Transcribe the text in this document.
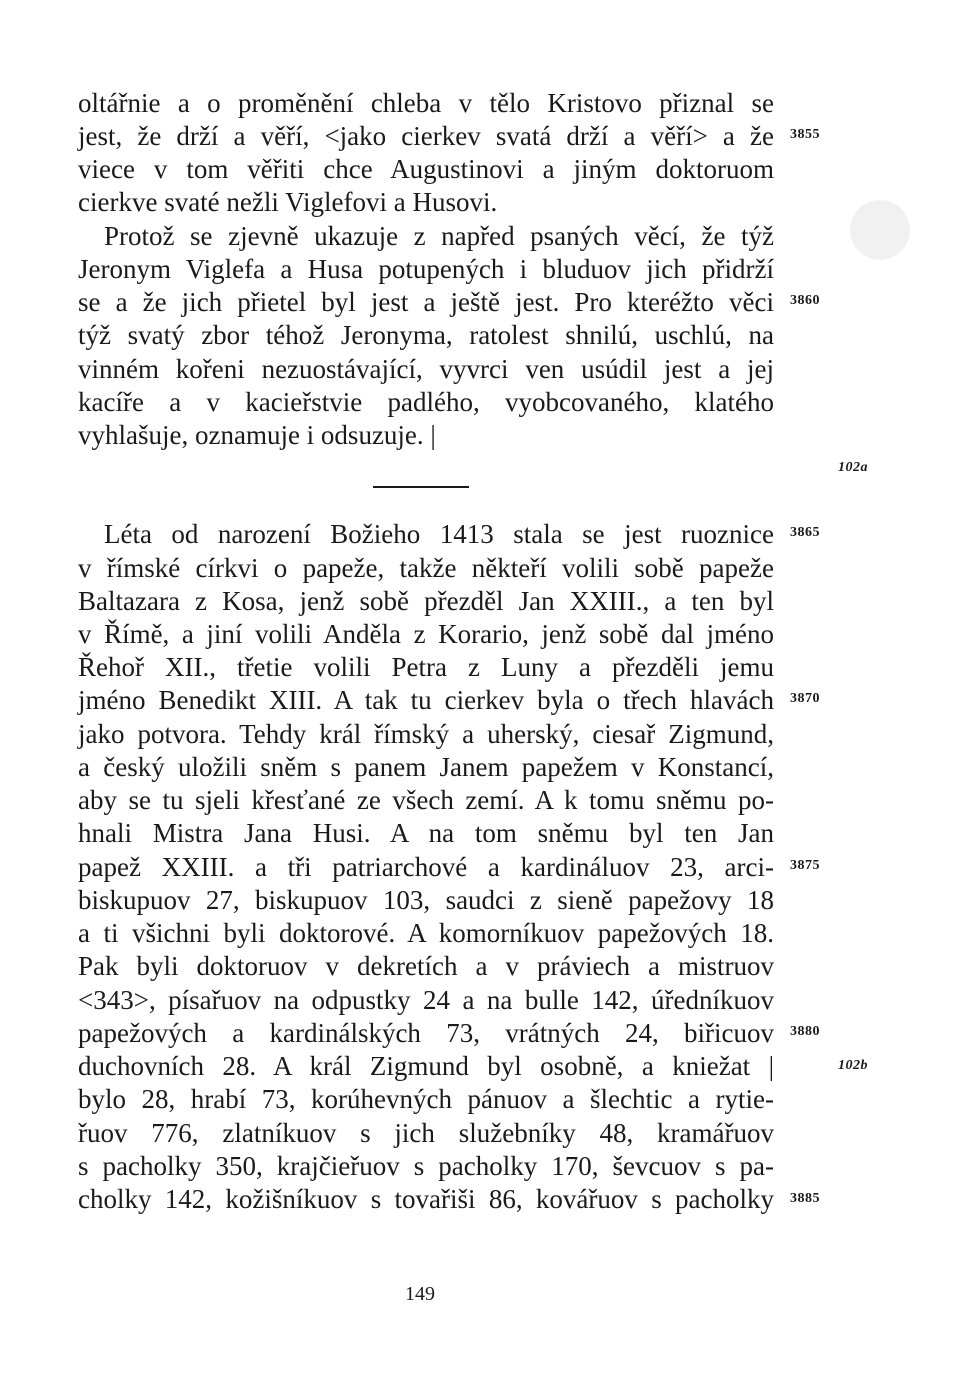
oltářnie a o proměnění chleba v tělo Kristovo přiznal se
jest, že drží a věří, <jako cierkev svatá drží a věří> a že
viece v tom věřiti chce Augustinovi a jiným doktoruom
cierkve svaté nežli Viglefovi a Husovi.
Protož se zjevně ukazuje z napřed psaných věcí, že týž
Jeronym Viglefa a Husa potupených i bluduov jich přidrží
se a že jich přietel byl jest a ještě jest. Pro kteréžto věci
týž svatý zbor téhož Jeronyma, ratolest shnilú, uschlú, na
vinném kořeni nezuostávající, vyvrci ven usúdil jest a jej
kacíře a v kacieřstvie padlého, vyobcovaného, klatého
vyhlašuje, oznamuje i odsuzuje. |
Léta od narození Božieho 1413 stala se jest ruoznice
v římské církvi o papeže, takže někteří volili sobě papeže
Baltazara z Kosa, jenž sobě přezděl Jan XXIII., a ten byl
v Římě, a jiní volili Anděla z Korario, jenž sobě dal jméno
Řehoř XII., třetie volili Petra z Luny a přezděli jemu
jméno Benedikt XIII. A tak tu cierkev byla o třech hlavách
jako potvora. Tehdy král římský a uherský, ciesař Zigmund,
a český uložili sněm s panem Janem papežem v Konstancí,
aby se tu sjeli křesťané ze všech zemí. A k tomu sněmu po-
hnali Mistra Jana Husi. A na tom sněmu byl ten Jan
papež XXIII. a tři patriarchové a kardináluov 23, arci-
biskupuov 27, biskupuov 103, saudci z sieně papežovy 18
a ti všichni byli doktorové. A komorníkuov papežových 18.
Pak byli doktoruov v dekretích a v práviech a mistruov
<343>, písařuov na odpustky 24 a na bulle 142, úředníkuov
papežových a kardinálských 73, vrátných 24, biřicuov
duchovních 28. A král Zigmund byl osobně, a kniežat |
bylo 28, hrabí 73, korúhevných pánuov a šlechtic a rytie-
řuov 776, zlatníkuov s jich služebníky 48, kramářuov
s pacholky 350, krajčieřuov s pacholky 170, ševcuov s pa-
cholky 142, kožišníkuov s tovařiši 86, kovářuov s pacholky
3855
3860
102a
3865
3870
3875
3880
102b
3885
149
